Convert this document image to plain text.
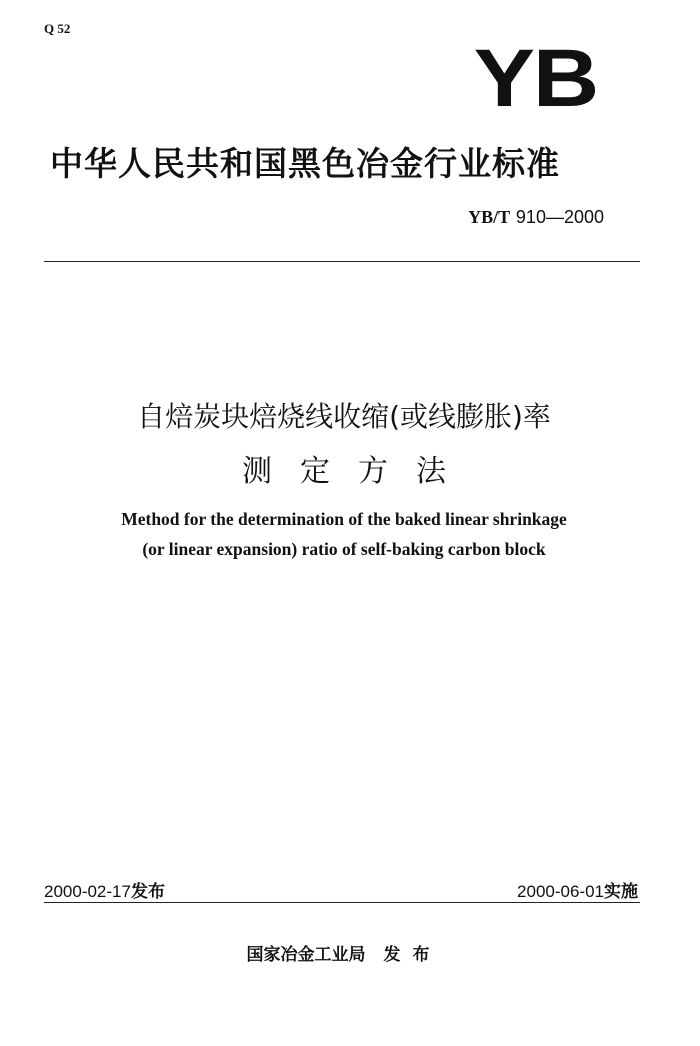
Q 52
YB
中华人民共和国黑色冶金行业标准
YB/T 910—2000
自焙炭块焙烧线收缩(或线膨胀)率
测定方法
Method for the determination of the baked linear shrinkage
(or linear expansion) ratio of self-baking carbon block
2000-02-17发布	2000-06-01实施
国家冶金工业局 发布
